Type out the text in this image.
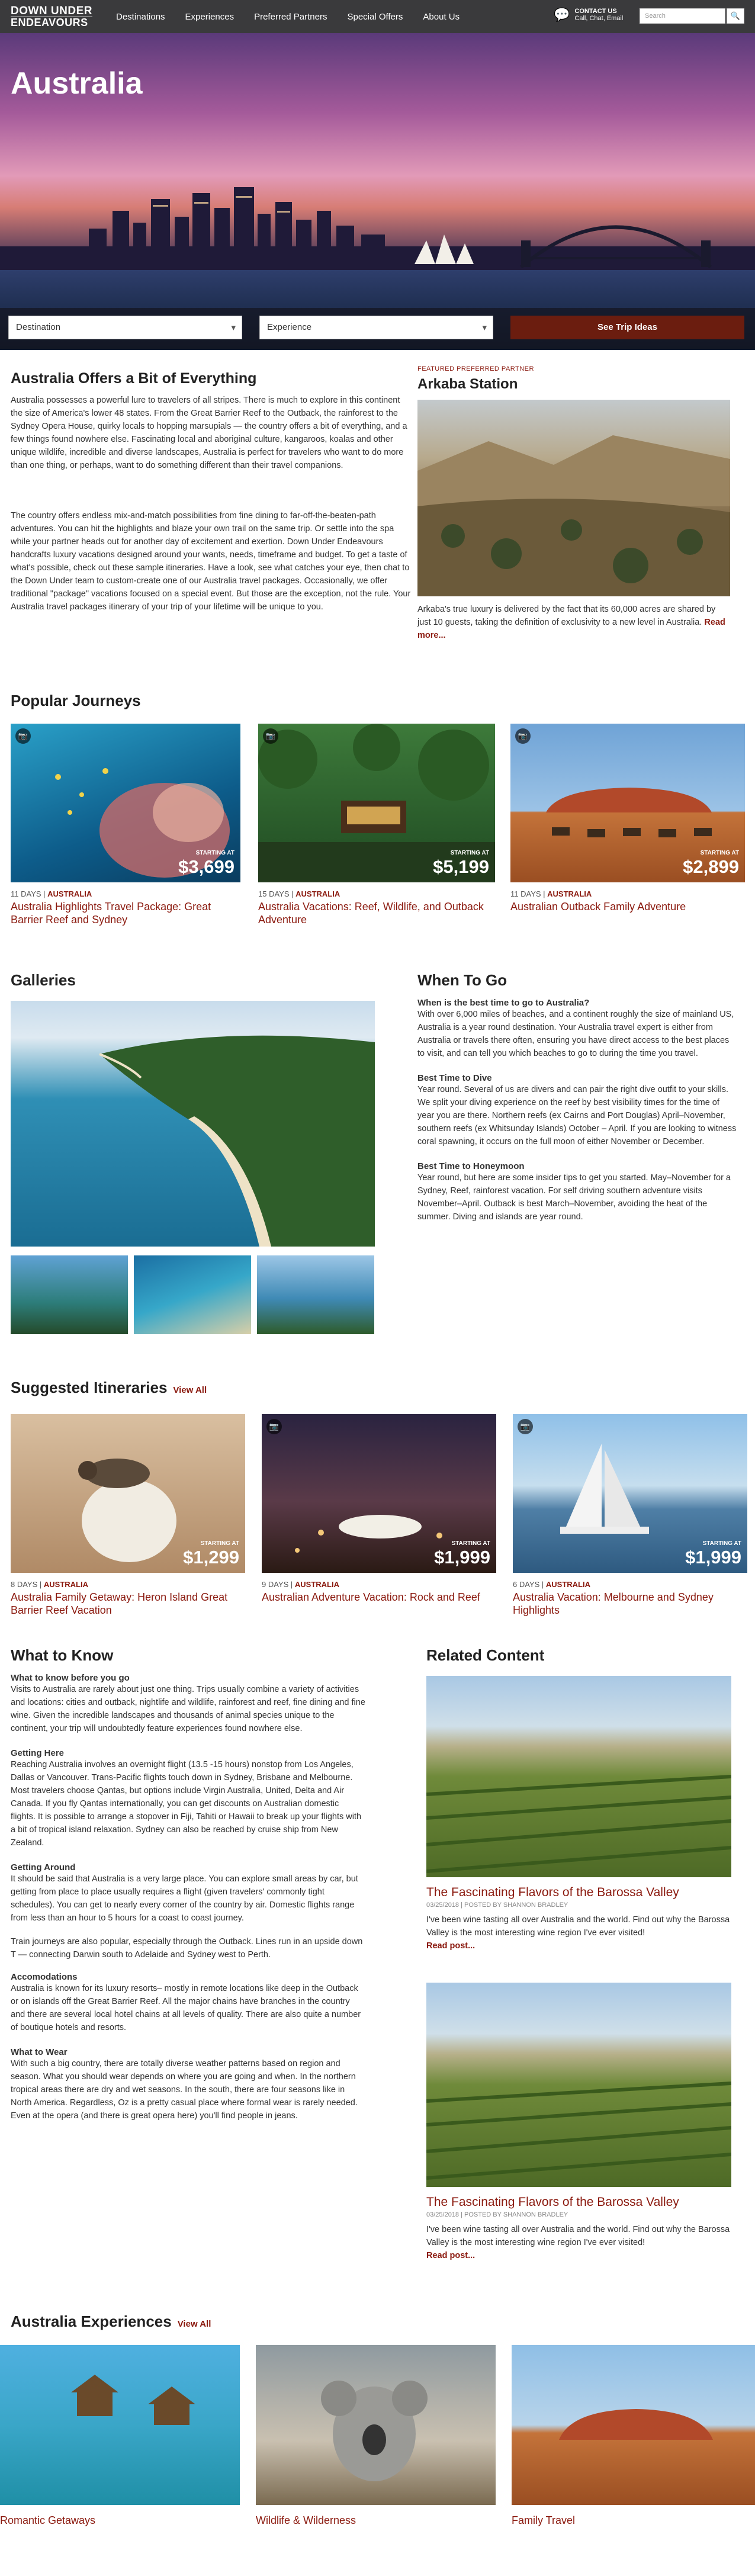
DOWN UNDER
ENDEAVOURS	Destinations Experiences Preferred Partners Special Offers About Us	💬 CONTACT US
Call, Chat, Email	Search	🔍
Australia
Destination ▾	Experience ▾	See Trip Ideas
Australia Offers a Bit of Everything

Australia possesses a powerful lure to travelers of all stripes. There is much to explore in this continent the size of America's lower 48 states. From the Great Barrier Reef to the Outback, the rainforest to the Sydney Opera House, quirky locals to hopping marsupials — the country offers a bit of everything, and a few things found nowhere else. Fascinating local and aboriginal culture, kangaroos, koalas and other unique wildlife, incredible and diverse landscapes, Australia is perfect for travelers who want to do more than one thing, or perhaps, want to do something different than their travel companions.

The country offers endless mix-and-match possibilities from fine dining to far-off-the-beaten-path adventures. You can hit the highlights and blaze your own trail on the same trip. Or settle into the spa while your partner heads out for another day of excitement and exertion. Down Under Endeavours handcrafts luxury vacations designed around your wants, needs, timeframe and budget. To get a taste of what's possible, check out these sample itineraries. Have a look, see what catches your eye, then chat to the Down Under team to custom-create one of our Australia travel packages. Occasionally, we offer traditional "package" vacations focused on a special event. But those are the exception, not the rule. Your Australia travel packages itinerary of your trip of your lifetime will be unique to you.

FEATURED PREFERRED PARTNER
Arkaba Station

Arkaba's true luxury is delivered by the fact that its 60,000 acres are shared by just 10 guests, taking the definition of exclusivity to a new level in Australia. Read more...

Popular Journeys
📷
STARTING AT
$3,699
📷
STARTING AT
$5,199
📷
STARTING AT
$2,899
11 DAYS | AUSTRALIA
Australia Highlights Travel Package: Great Barrier Reef and Sydney
15 DAYS | AUSTRALIA
Australia Vacations: Reef, Wildlife, and Outback Adventure
11 DAYS | AUSTRALIA
Australian Outback Family Adventure
Galleries	When To Go
When is the best time to go to Australia?

With over 6,000 miles of beaches, and a continent roughly the size of mainland US, Australia is a year round destination. Your Australia travel expert is either from Australia or travels there often, ensuring you have direct access to the best places to visit, and can tell you which beaches to go to during the time you travel.

Best Time to Dive

Year round. Several of us are divers and can pair the right dive outfit to your skills. We split your diving experience on the reef by best visibility times for the time of year you are there. Northern reefs (ex Cairns and Port Douglas) April–November, southern reefs (ex Whitsunday Islands) October – April. If you are looking to witness coral spawning, it occurs on the full moon of either November or December.

Best Time to Honeymoon

Year round, but here are some insider tips to get you started. May–November for a Sydney, Reef, rainforest vacation. For self driving southern adventure visits November–April. Outback is best March–November, avoiding the heat of the summer. Diving and islands are year round.

Suggested Itineraries View All
STARTING AT
$1,299
📷
STARTING AT
$1,999
📷
STARTING AT
$1,999
8 DAYS | AUSTRALIA
Australia Family Getaway: Heron Island Great Barrier Reef Vacation
9 DAYS | AUSTRALIA
Australian Adventure Vacation: Rock and Reef
6 DAYS | AUSTRALIA
Australia Vacation: Melbourne and Sydney Highlights
What to Know
What to know before you go

Visits to Australia are rarely about just one thing. Trips usually combine a variety of activities and locations: cities and outback, nightlife and wildlife, rainforest and reef, fine dining and fine wine. Given the incredible landscapes and thousands of animal species unique to the continent, your trip will undoubtedly feature experiences found nowhere else.

Getting Here

Reaching Australia involves an overnight flight (13.5 -15 hours) nonstop from Los Angeles, Dallas or Vancouver. Trans-Pacific flights touch down in Sydney, Brisbane and Melbourne. Most travelers choose Qantas, but options include Virgin Australia, United, Delta and Air Canada. If you fly Qantas internationally, you can get discounts on Australian domestic flights. It is possible to arrange a stopover in Fiji, Tahiti or Hawaii to break up your flights with a bit of tropical island relaxation. Sydney can also be reached by cruise ship from New Zealand.

Getting Around

It should be said that Australia is a very large place. You can explore small areas by car, but getting from place to place usually requires a flight (given travelers' commonly tight schedules). You can get to nearly every corner of the country by air. Domestic flights range from less than an hour to 5 hours for a coast to coast journey.

Train journeys are also popular, especially through the Outback. Lines run in an upside down T — connecting Darwin south to Adelaide and Sydney west to Perth.

Accomodations

Australia is known for its luxury resorts– mostly in remote locations like deep in the Outback or on islands off the Great Barrier Reef. All the major chains have branches in the country and there are several local hotel chains at all levels of quality. There are also quite a number of boutique hotels and resorts.

What to Wear

With such a big country, there are totally diverse weather patterns based on region and season. What you should wear depends on where you are going and when. In the northern tropical areas there are dry and wet seasons. In the south, there are four seasons like in North America. Regardless, Oz is a pretty casual place where formal wear is rarely needed. Even at the opera (and there is great opera here) you'll find people in jeans.

Related Content
The Fascinating Flavors of the Barossa Valley
03/25/2018 | POSTED BY SHANNON BRADLEY

I've been wine tasting all over Australia and the world. Find out why the Barossa Valley is the most interesting wine region I've ever visited!

Read post...
The Fascinating Flavors of the Barossa Valley
03/25/2018 | POSTED BY SHANNON BRADLEY

I've been wine tasting all over Australia and the world. Find out why the Barossa Valley is the most interesting wine region I've ever visited!

Read post...
Australia Experiences View All
Romantic Getaways	Wildlife & Wilderness	Family Travel
